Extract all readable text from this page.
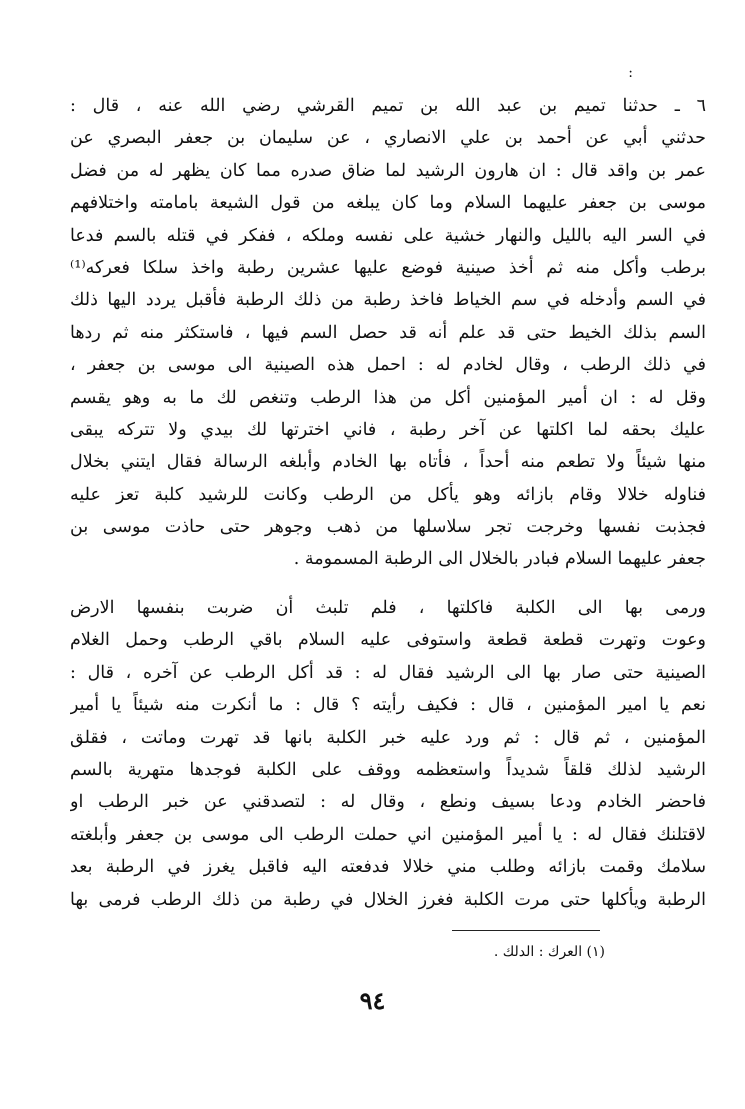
:
٦ ـ حدثنا تميم بن عبد الله بن تميم القرشي رضي الله عنه ، قال :
حدثني أبي عن أحمد بن علي الانصاري ، عن سليمان بن جعفر البصري عن
عمر بن واقد قال : ان هارون الرشيد لما ضاق صدره مما كان يظهر له من فضل
موسى بن جعفر عليهما السلام وما كان يبلغه من قول الشيعة بامامته واختلافهم
في السر اليه بالليل والنهار خشية على نفسه وملكه ، ففكر في قتله بالسم فدعا
برطب وأكل منه ثم أخذ صينية فوضع عليها عشرين رطبة واخذ سلكا فعركه⁽¹⁾
في السم وأدخله في سم الخياط فاخذ رطبة من ذلك الرطبة فأقبل يردد اليها ذلك
السم بذلك الخيط حتى قد علم أنه قد حصل السم فيها ، فاستكثر منه ثم ردها
في ذلك الرطب ، وقال لخادم له : احمل هذه الصينية الى موسى بن جعفر ،
وقل له : ان أمير المؤمنين أكل من هذا الرطب وتنغص لك ما به وهو يقسم
عليك بحقه لما اكلتها عن آخر رطبة ، فاني اخترتها لك بيدي ولا تتركه يبقى
منها شيئاً ولا تطعم منه أحداً ، فأتاه بها الخادم وأبلغه الرسالة فقال ايتني بخلال
فناوله خلالا وقام بازائه وهو يأكل من الرطب وكانت للرشيد كلبة تعز عليه
فجذبت نفسها وخرجت تجر سلاسلها من ذهب وجوهر حتى حاذت موسى بن
جعفر عليهما السلام فبادر بالخلال الى الرطبة المسمومة .
ورمى بها الى الكلبة فاكلتها ، فلم تلبث أن ضربت بنفسها الارض
وعوت وتهرت قطعة قطعة واستوفى عليه السلام باقي الرطب وحمل الغلام
الصينية حتى صار بها الى الرشيد فقال له : قد أكل الرطب عن آخره ، قال :
نعم يا امير المؤمنين ، قال : فكيف رأيته ؟ قال : ما أنكرت منه شيئاً يا أمير
المؤمنين ، ثم قال : ثم ورد عليه خبر الكلبة بانها قد تهرت وماتت ، فقلق
الرشيد لذلك قلقاً شديداً واستعظمه ووقف على الكلبة فوجدها متهرية بالسم
فاحضر الخادم ودعا بسيف ونطع ، وقال له : لتصدقني عن خبر الرطب او
لاقتلنك فقال له : يا أمير المؤمنين اني حملت الرطب الى موسى بن جعفر وأبلغته
سلامك وقمت بازائه وطلب مني خلالا فدفعته اليه فاقبل يغرز في الرطبة بعد
الرطبة ويأكلها حتى مرت الكلبة فغرز الخلال في رطبة من ذلك الرطب فرمى بها
(١) العرك : الدلك .
٩٤
